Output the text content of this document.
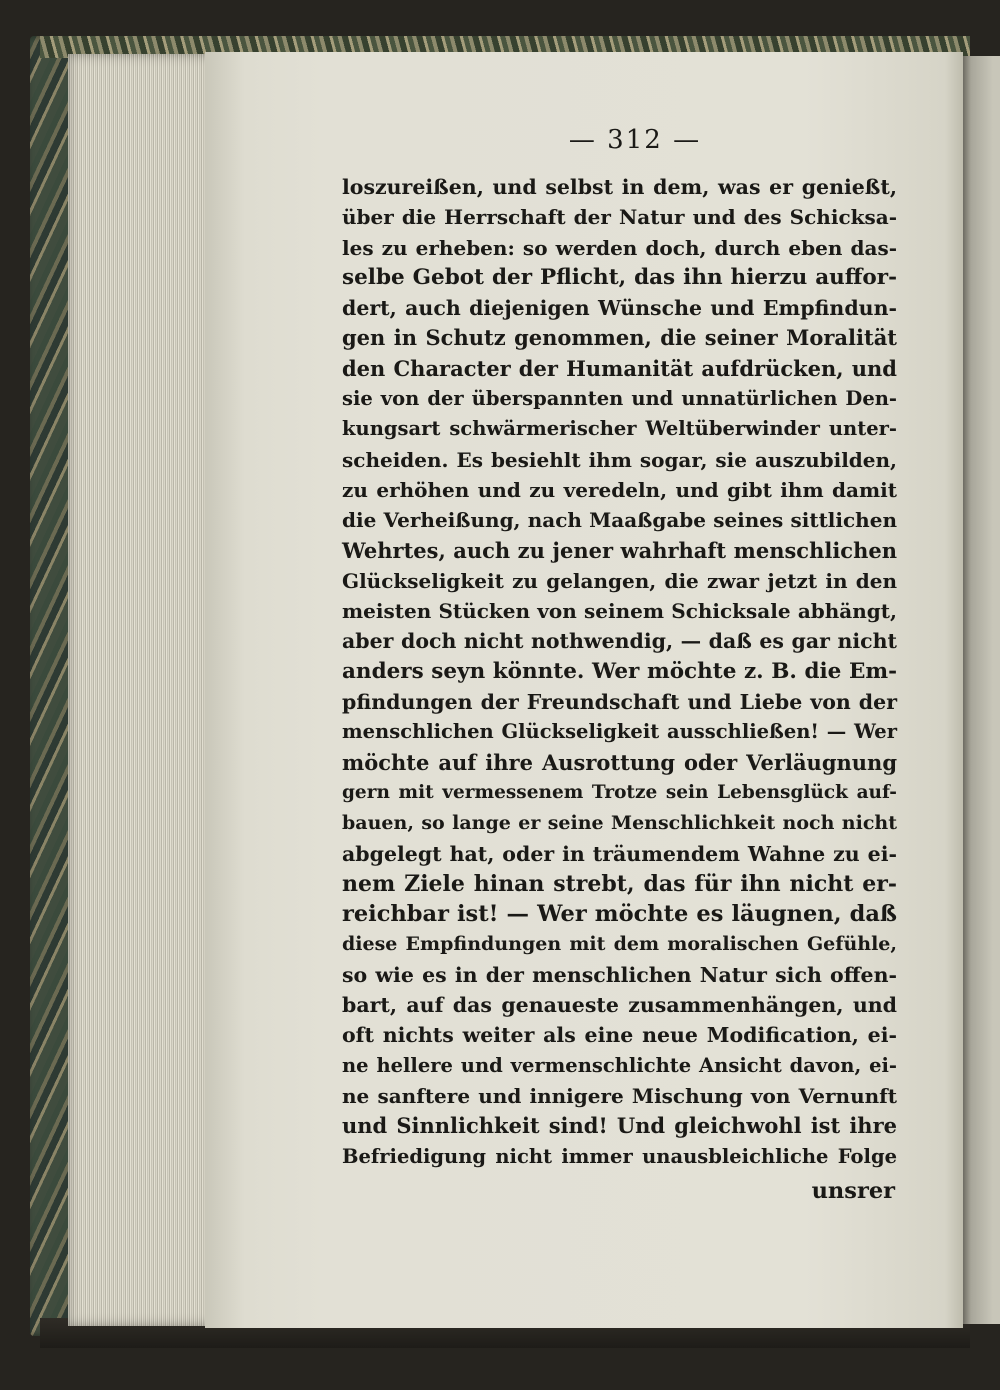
— 312 —

loszureißen, und selbst in dem, was er genießt,
über die Herrschaft der Natur und des Schicksa-
les zu erheben: so werden doch, durch eben das-
selbe Gebot der Pflicht, das ihn hierzu auffor-
dert, auch diejenigen Wünsche und Empfindun-
gen in Schutz genommen, die seiner Moralität
den Character der Humanität aufdrücken, und
sie von der überspannten und unnatürlichen Den-
kungsart schwärmerischer Weltüberwinder unter-
scheiden. Es besiehlt ihm sogar, sie auszubilden,
zu erhöhen und zu veredeln, und gibt ihm damit
die Verheißung, nach Maaßgabe seines sittlichen
Wehrtes, auch zu jener wahrhaft menschlichen
Glückseligkeit zu gelangen, die zwar jetzt in den
meisten Stücken von seinem Schicksale abhängt,
aber doch nicht nothwendig, — daß es gar nicht
anders seyn könnte. Wer möchte z. B. die Em-
pfindungen der Freundschaft und Liebe von der
menschlichen Glückseligkeit ausschließen! — Wer
möchte auf ihre Ausrottung oder Verläugnung
gern mit vermessenem Trotze sein Lebensglück auf-
bauen, so lange er seine Menschlichkeit noch nicht
abgelegt hat, oder in träumendem Wahne zu ei-
nem Ziele hinan strebt, das für ihn nicht er-
reichbar ist! — Wer möchte es läugnen, daß
diese Empfindungen mit dem moralischen Gefühle,
so wie es in der menschlichen Natur sich offen-
bart, auf das genaueste zusammenhängen, und
oft nichts weiter als eine neue Modification, ei-
ne hellere und vermenschlichte Ansicht davon, ei-
ne sanftere und innigere Mischung von Vernunft
und Sinnlichkeit sind! Und gleichwohl ist ihre
Befriedigung nicht immer unausbleichliche Folge

unsrer
